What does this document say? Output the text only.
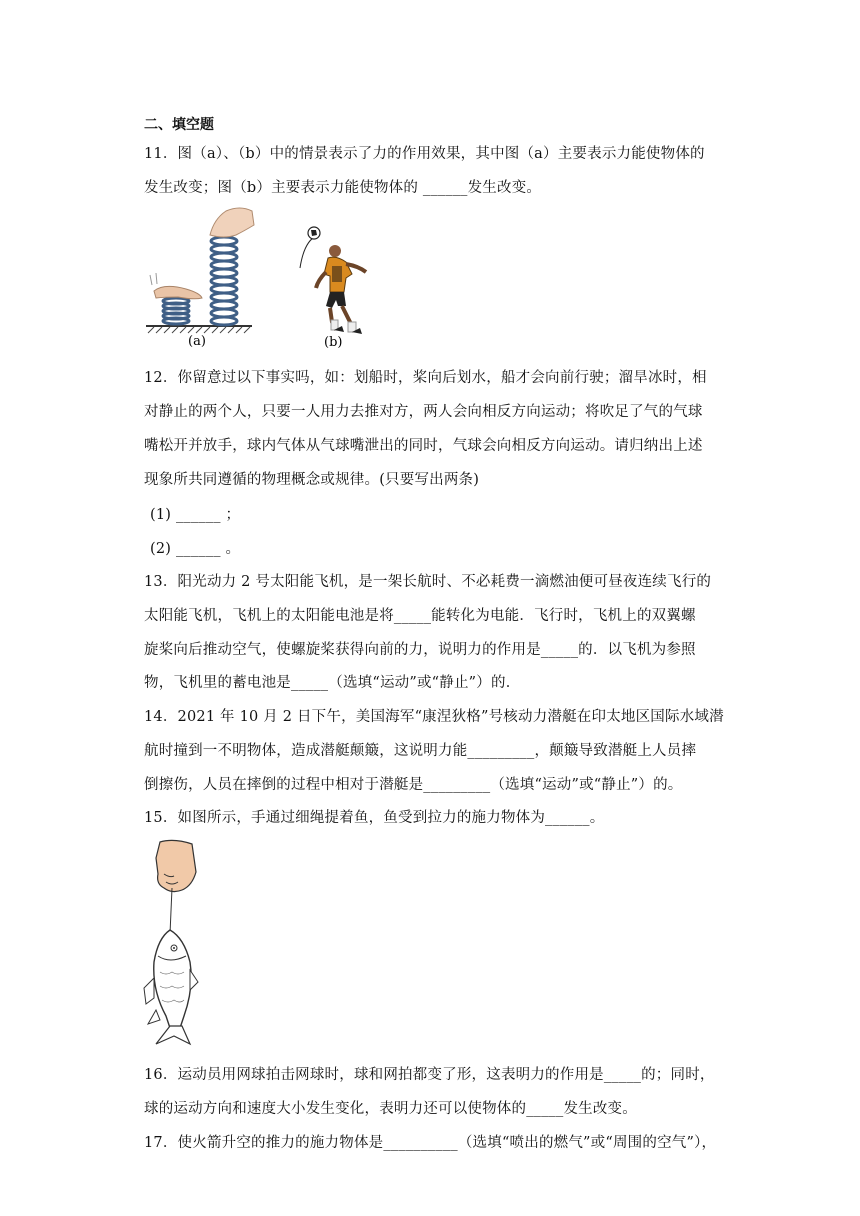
二、填空题
11．图（a）、（b）中的情景表示了力的作用效果，其中图（a）主要表示力能使物体的
发生改变；图（b）主要表示力能使物体的 ______发生改变。
(a)	(b)
12．你留意过以下事实吗，如：划船时，桨向后划水，船才会向前行驶；溜旱冰时，相
对静止的两个人，只要一人用力去推对方，两人会向相反方向运动；将吹足了气的气球
嘴松开并放手，球内气体从气球嘴泄出的同时，气球会向相反方向运动。请归纳出上述
现象所共同遵循的物理概念或规律。(只要写出两条)
(1) ______ ；
(2) ______ 。
13．阳光动力 2 号太阳能飞机，是一架长航时、不必耗费一滴燃油便可昼夜连续飞行的
太阳能飞机，飞机上的太阳能电池是将_____能转化为电能．飞行时，飞机上的双翼螺
旋桨向后推动空气，使螺旋桨获得向前的力，说明力的作用是_____的．以飞机为参照
物，飞机里的蓄电池是_____（选填“运动”或“静止”）的．
14．2021 年 10 月 2 日下午，美国海军“康涅狄格”号核动力潜艇在印太地区国际水域潜
航时撞到一不明物体，造成潜艇颠簸，这说明力能_________，颠簸导致潜艇上人员摔
倒擦伤，人员在摔倒的过程中相对于潜艇是_________（选填“运动”或“静止”）的。
15．如图所示，手通过细绳提着鱼，鱼受到拉力的施力物体为______。
16．运动员用网球拍击网球时，球和网拍都变了形，这表明力的作用是_____的；同时，
球的运动方向和速度大小发生变化，表明力还可以使物体的_____发生改变。
17．使火箭升空的推力的施力物体是__________（选填“喷出的燃气”或“周围的空气”），
